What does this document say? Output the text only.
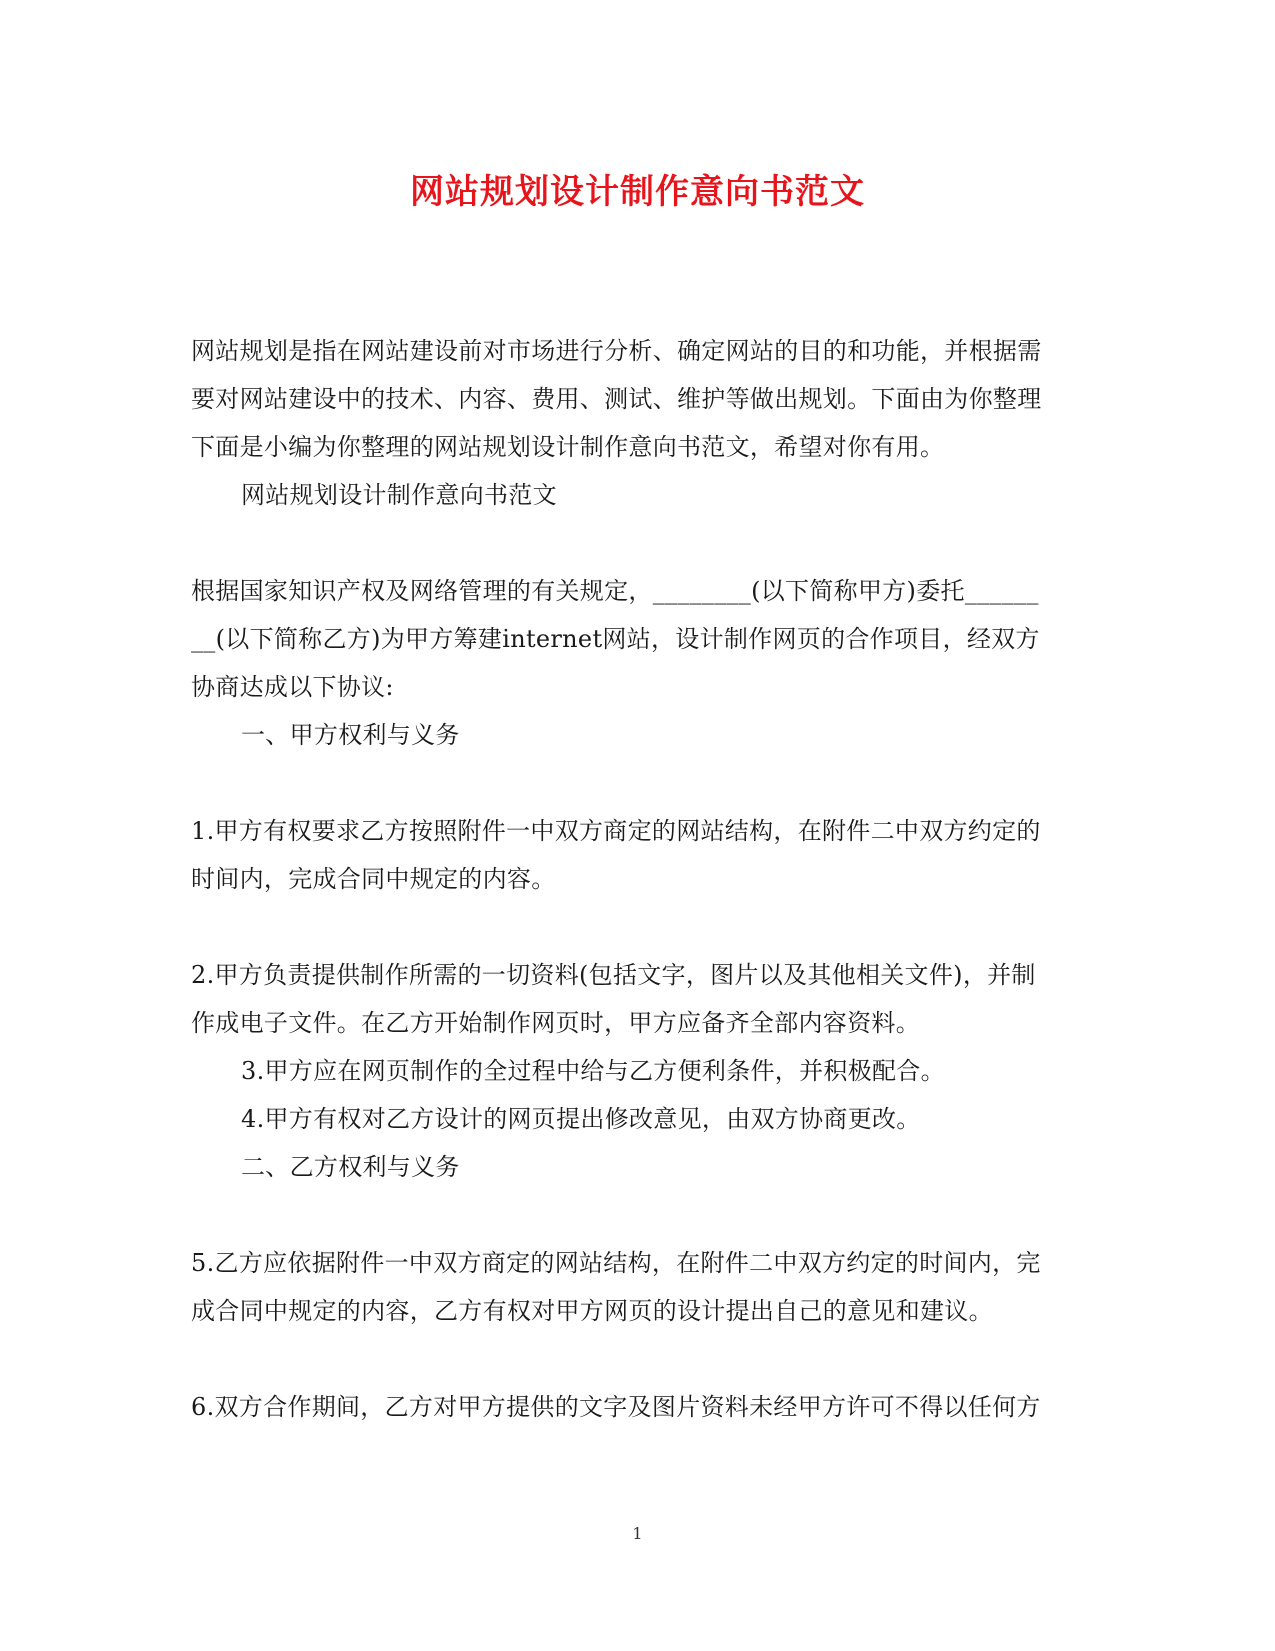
网站规划设计制作意向书范文
网站规划是指在网站建设前对市场进行分析、确定网站的目的和功能，并根据需
要对网站建设中的技术、内容、费用、测试、维护等做出规划。下面由为你整理
下面是小编为你整理的网站规划设计制作意向书范文，希望对你有用。
网站规划设计制作意向书范文
根据国家知识产权及网络管理的有关规定，________(以下简称甲方)委托______
__(以下简称乙方)为甲方筹建internet网站，设计制作网页的合作项目，经双方
协商达成以下协议:
一、甲方权利与义务
1.甲方有权要求乙方按照附件一中双方商定的网站结构，在附件二中双方约定的
时间内，完成合同中规定的内容。
2.甲方负责提供制作所需的一切资料(包括文字，图片以及其他相关文件)，并制
作成电子文件。在乙方开始制作网页时，甲方应备齐全部内容资料。
3.甲方应在网页制作的全过程中给与乙方便利条件，并积极配合。
4.甲方有权对乙方设计的网页提出修改意见，由双方协商更改。
二、乙方权利与义务
5.乙方应依据附件一中双方商定的网站结构，在附件二中双方约定的时间内，完
成合同中规定的内容，乙方有权对甲方网页的设计提出自己的意见和建议。
6.双方合作期间，乙方对甲方提供的文字及图片资料未经甲方许可不得以任何方
1
